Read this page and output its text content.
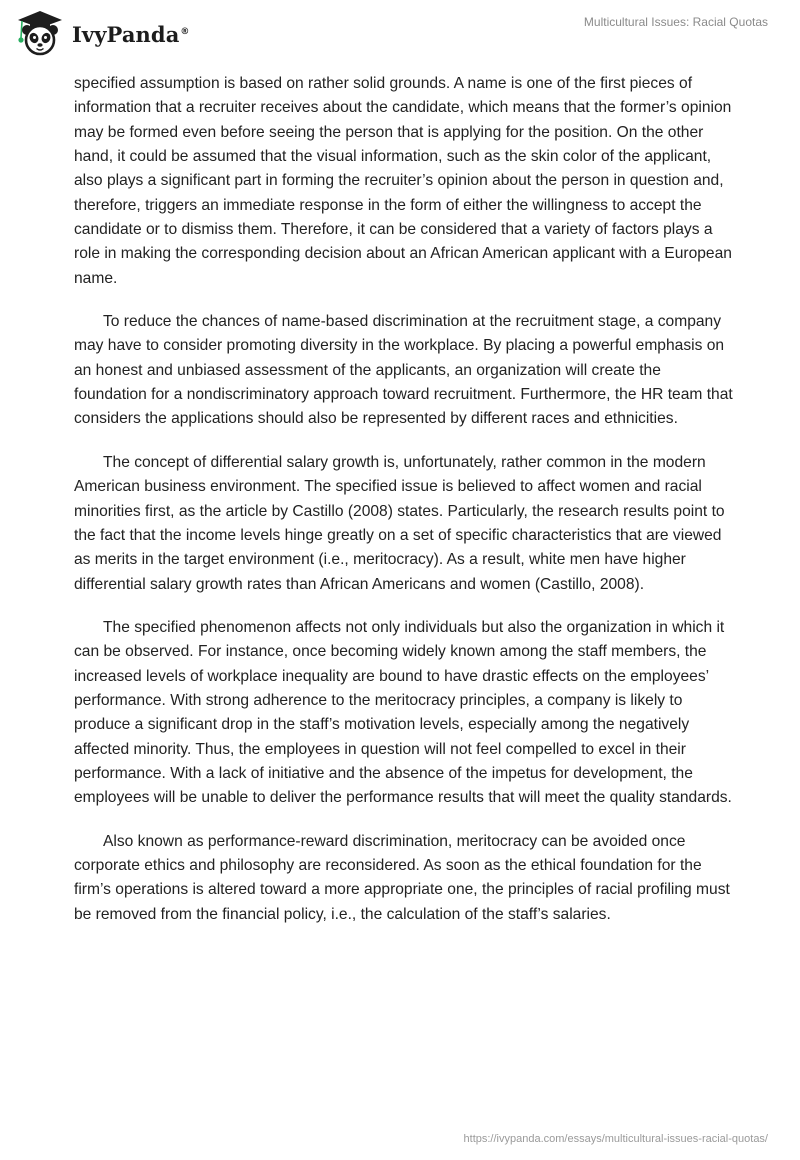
IvyPanda®
Multicultural Issues: Racial Quotas

specified assumption is based on rather solid grounds. A name is one of the first pieces of information that a recruiter receives about the candidate, which means that the former’s opinion may be formed even before seeing the person that is applying for the position. On the other hand, it could be assumed that the visual information, such as the skin color of the applicant, also plays a significant part in forming the recruiter’s opinion about the person in question and, therefore, triggers an immediate response in the form of either the willingness to accept the candidate or to dismiss them. Therefore, it can be considered that a variety of factors plays a role in making the corresponding decision about an African American applicant with a European name.

To reduce the chances of name-based discrimination at the recruitment stage, a company may have to consider promoting diversity in the workplace. By placing a powerful emphasis on an honest and unbiased assessment of the applicants, an organization will create the foundation for a nondiscriminatory approach toward recruitment. Furthermore, the HR team that considers the applications should also be represented by different races and ethnicities.

The concept of differential salary growth is, unfortunately, rather common in the modern American business environment. The specified issue is believed to affect women and racial minorities first, as the article by Castillo (2008) states. Particularly, the research results point to the fact that the income levels hinge greatly on a set of specific characteristics that are viewed as merits in the target environment (i.e., meritocracy). As a result, white men have higher differential salary growth rates than African Americans and women (Castillo, 2008).

The specified phenomenon affects not only individuals but also the organization in which it can be observed. For instance, once becoming widely known among the staff members, the increased levels of workplace inequality are bound to have drastic effects on the employees’ performance. With strong adherence to the meritocracy principles, a company is likely to produce a significant drop in the staff’s motivation levels, especially among the negatively affected minority. Thus, the employees in question will not feel compelled to excel in their performance. With a lack of initiative and the absence of the impetus for development, the employees will be unable to deliver the performance results that will meet the quality standards.

Also known as performance-reward discrimination, meritocracy can be avoided once corporate ethics and philosophy are reconsidered. As soon as the ethical foundation for the firm’s operations is altered toward a more appropriate one, the principles of racial profiling must be removed from the financial policy, i.e., the calculation of the staff’s salaries.

https://ivypanda.com/essays/multicultural-issues-racial-quotas/
